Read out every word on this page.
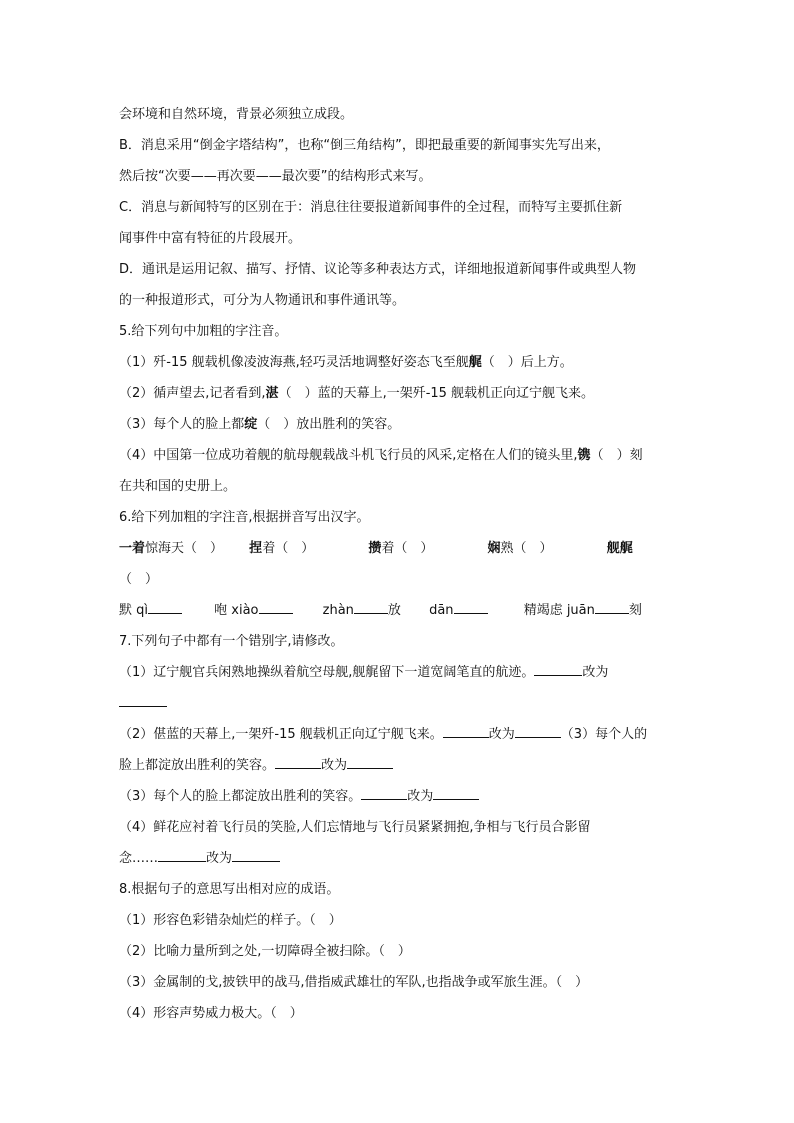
会环境和自然环境，背景必须独立成段。
B．消息采用“倒金字塔结构”，也称“倒三角结构”，即把最重要的新闻事实先写出来，
然后按“次要——再次要——最次要”的结构形式来写。
C．消息与新闻特写的区别在于：消息往往要报道新闻事件的全过程，而特写主要抓住新
闻事件中富有特征的片段展开。
D．通讯是运用记叙、描写、抒情、议论等多种表达方式，详细地报道新闻事件或典型人物
的一种报道形式，可分为人物通讯和事件通讯等。
5.给下列句中加粗的字注音。
（1）歼-15 舰载机像凌波海燕,轻巧灵活地调整好姿态飞至舰艉（　）后上方。
（2）循声望去,记者看到,湛（　）蓝的天幕上,一架歼-15 舰载机正向辽宁舰飞来。
（3）每个人的脸上都绽（　）放出胜利的笑容。
（4）中国第一位成功着舰的航母舰载战斗机飞行员的风采,定格在人们的镜头里,镌（　）刻
在共和国的史册上。
6.给下列加粗的字注音,根据拼音写出汉字。
一着惊海天（　） 捏着（　）	攒着（　）	娴熟（　）	舰艉
（　）
默 qì	咆 xiào	zhàn	放 dān	精竭虑 juān	刻
7.下列句子中都有一个错别字,请修改。
（1）辽宁舰官兵闲熟地操纵着航空母舰,舰艉留下一道宽阔笔直的航迹。	改为
（2）偡蓝的天幕上,一架歼-15 舰载机正向辽宁舰飞来。	改为	（3）每个人的
脸上都淀放出胜利的笑容。	改为
（3）每个人的脸上都淀放出胜利的笑容。	改为
（4）鲜花应衬着飞行员的笑脸,人们忘情地与飞行员紧紧拥抱,争相与飞行员合影留
念……	改为
8.根据句子的意思写出相对应的成语。
（1）形容色彩错杂灿烂的样子。（　）
（2）比喻力量所到之处,一切障碍全被扫除。（　）
（3）金属制的戈,披铁甲的战马,借指威武雄壮的军队,也指战争或军旅生涯。（　）
（4）形容声势威力极大。（　）
